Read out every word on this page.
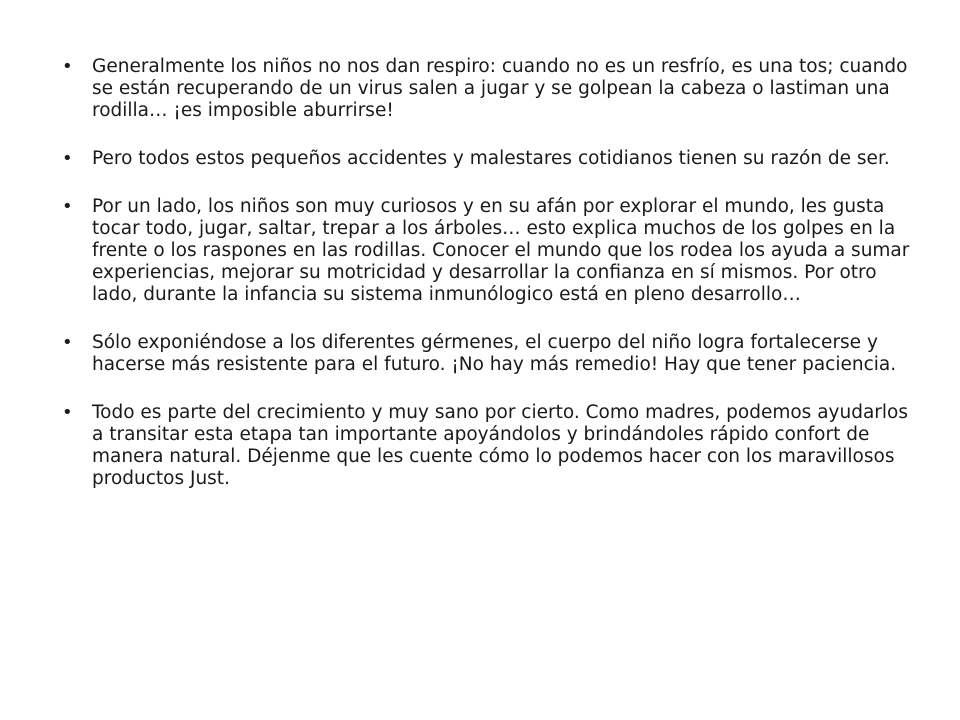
• Generalmente los niños no nos dan respiro: cuando no es un resfrío, es una tos; cuando se están recuperando de un virus salen a jugar y se golpean la cabeza o lastiman una rodilla… ¡es imposible aburrirse!
• Pero todos estos pequeños accidentes y malestares cotidianos tienen su razón de ser.
• Por un lado, los niños son muy curiosos y en su afán por explorar el mundo, les gusta tocar todo, jugar, saltar, trepar a los árboles… esto explica muchos de los golpes en la frente o los raspones en las rodillas. Conocer el mundo que los rodea los ayuda a sumar experiencias, mejorar su motricidad y desarrollar la confianza en sí mismos. Por otro lado, durante la infancia su sistema inmunólogico está en pleno desarrollo…
• Sólo exponiéndose a los diferentes gérmenes, el cuerpo del niño logra fortalecerse y hacerse más resistente para el futuro. ¡No hay más remedio! Hay que tener paciencia.
• Todo es parte del crecimiento y muy sano por cierto. Como madres, podemos ayudarlos a transitar esta etapa tan importante apoyándolos y brindándoles rápido confort de manera natural. Déjenme que les cuente cómo lo podemos hacer con los maravillosos productos Just.
